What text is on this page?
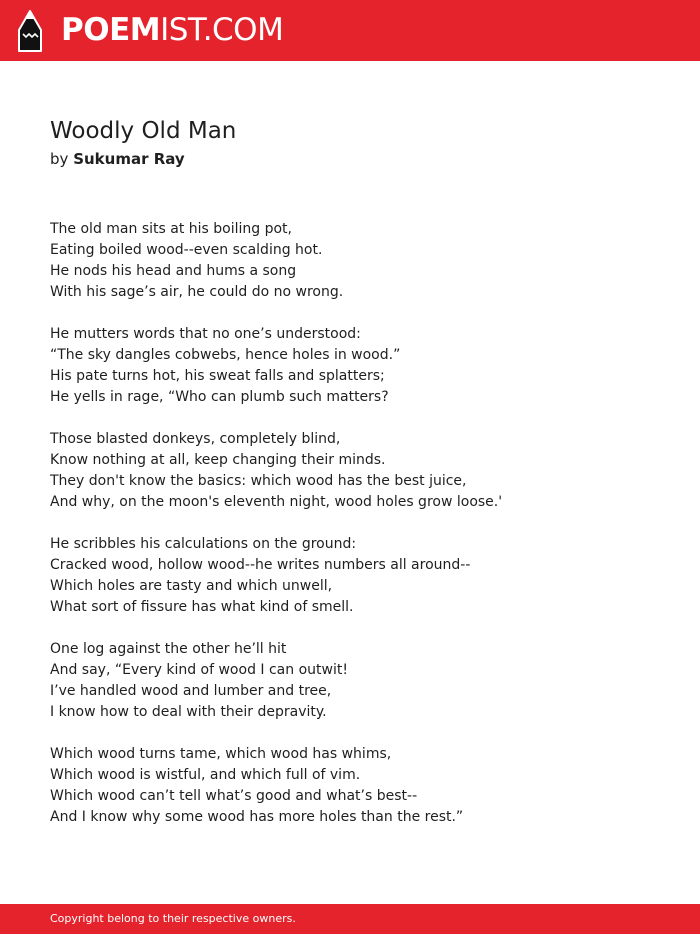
POEMIST.COM
Woodly Old Man
by Sukumar Ray
The old man sits at his boiling pot,
Eating boiled wood--even scalding hot.
He nods his head and hums a song
With his sage’s air, he could do no wrong.
He mutters words that no one’s understood:
“The sky dangles cobwebs, hence holes in wood.”
His pate turns hot, his sweat falls and splatters;
He yells in rage, “Who can plumb such matters?
Those blasted donkeys, completely blind,
Know nothing at all, keep changing their minds.
They don't know the basics: which wood has the best juice,
And why, on the moon's eleventh night, wood holes grow loose.'
He scribbles his calculations on the ground:
Cracked wood, hollow wood--he writes numbers all around--
Which holes are tasty and which unwell,
What sort of fissure has what kind of smell.
One log against the other he’ll hit
And say, “Every kind of wood I can outwit!
I’ve handled wood and lumber and tree,
I know how to deal with their depravity.
Which wood turns tame, which wood has whims,
Which wood is wistful, and which full of vim.
Which wood can’t tell what’s good and what’s best--
And I know why some wood has more holes than the rest.”
Copyright belong to their respective owners.
